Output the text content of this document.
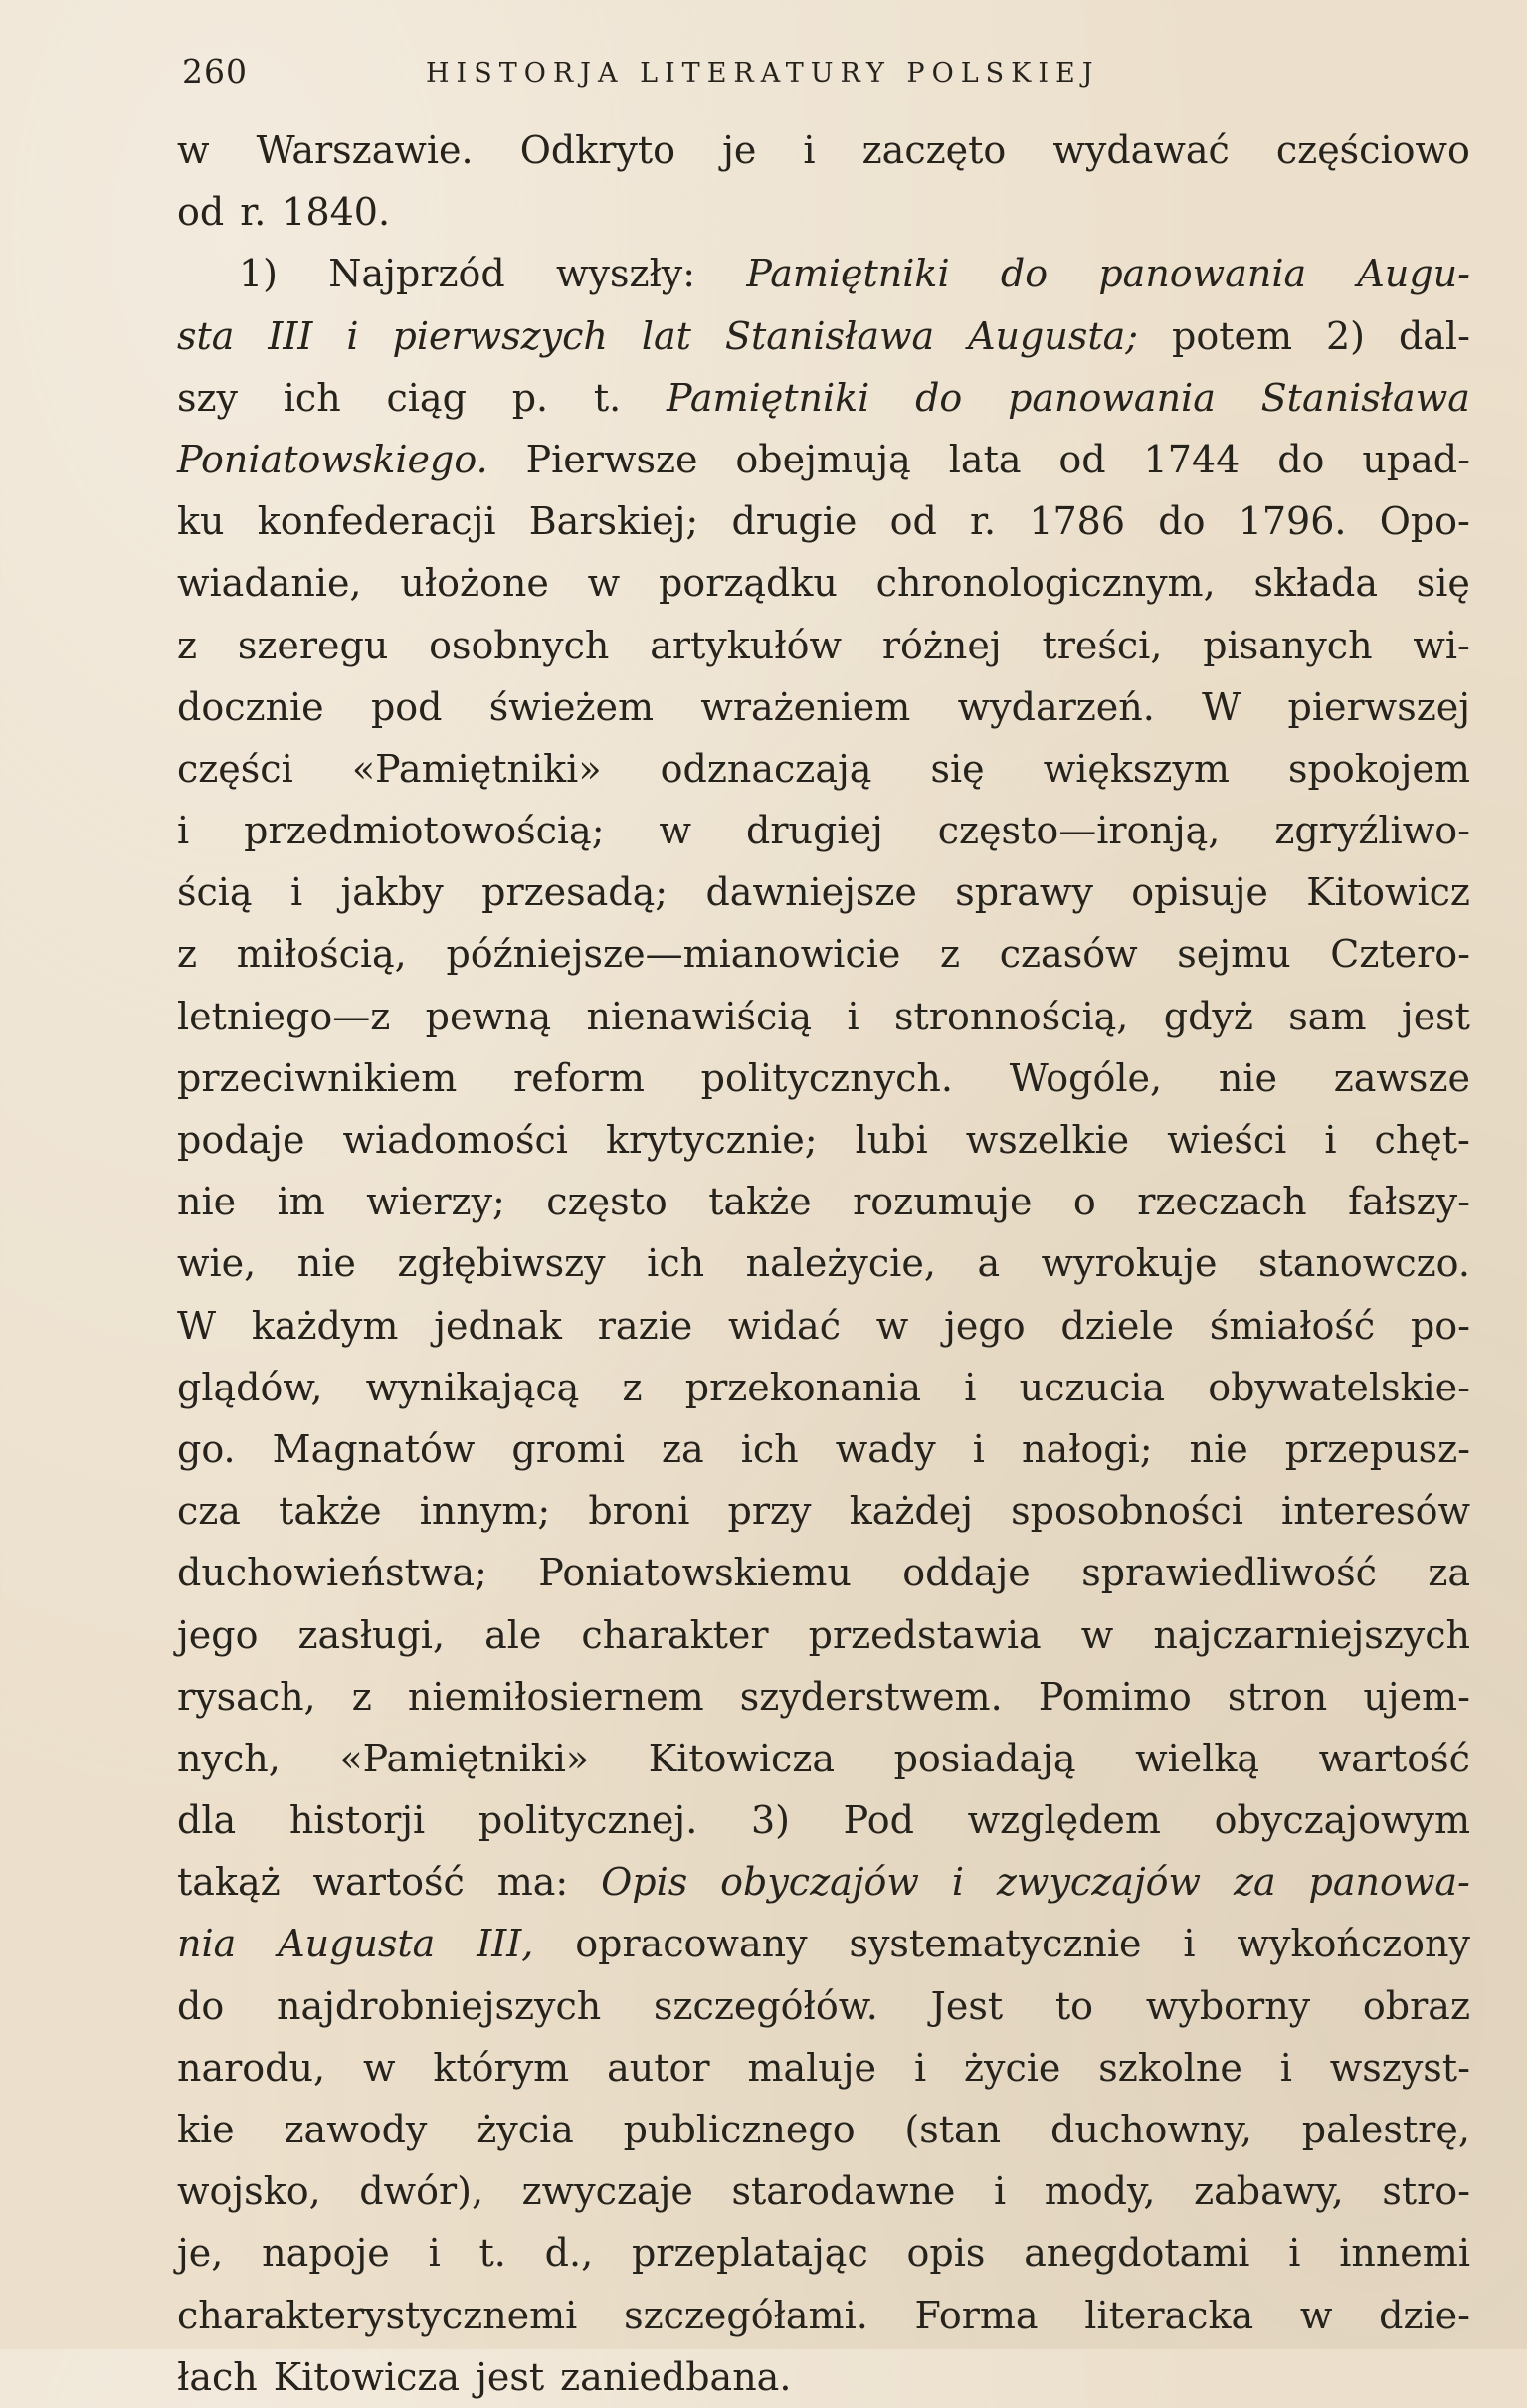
260	HISTORJA LITERATURY POLSKIEJ
w Warszawie. Odkryto je i zaczęto wydawać częściowo
od r. 1840.
1) Najprzód wyszły: Pamiętniki do panowania Augu-
sta III i pierwszych lat Stanisława Augusta; potem 2) dal-
szy ich ciąg p. t. Pamiętniki do panowania Stanisława
Poniatowskiego. Pierwsze obejmują lata od 1744 do upad-
ku konfederacji Barskiej; drugie od r. 1786 do 1796. Opo-
wiadanie, ułożone w porządku chronologicznym, składa się
z szeregu osobnych artykułów różnej treści, pisanych wi-
docznie pod świeżem wrażeniem wydarzeń. W pierwszej
części «Pamiętniki» odznaczają się większym spokojem
i przedmiotowością; w drugiej często—ironją, zgryźliwo-
ścią i jakby przesadą; dawniejsze sprawy opisuje Kitowicz
z miłością, późniejsze—mianowicie z czasów sejmu Cztero-
letniego—z pewną nienawiścią i stronnością, gdyż sam jest
przeciwnikiem reform politycznych. Wogóle, nie zawsze
podaje wiadomości krytycznie; lubi wszelkie wieści i chęt-
nie im wierzy; często także rozumuje o rzeczach fałszy-
wie, nie zgłębiwszy ich należycie, a wyrokuje stanowczo.
W każdym jednak razie widać w jego dziele śmiałość po-
glądów, wynikającą z przekonania i uczucia obywatelskie-
go. Magnatów gromi za ich wady i nałogi; nie przepusz-
cza także innym; broni przy każdej sposobności interesów
duchowieństwa; Poniatowskiemu oddaje sprawiedliwość za
jego zasługi, ale charakter przedstawia w najczarniejszych
rysach, z niemiłosiernem szyderstwem. Pomimo stron ujem-
nych, «Pamiętniki» Kitowicza posiadają wielką wartość
dla historji politycznej. 3) Pod względem obyczajowym
takąż wartość ma: Opis obyczajów i zwyczajów za panowa-
nia Augusta III, opracowany systematycznie i wykończony
do najdrobniejszych szczegółów. Jest to wyborny obraz
narodu, w którym autor maluje i życie szkolne i wszyst-
kie zawody życia publicznego (stan duchowny, palestrę,
wojsko, dwór), zwyczaje starodawne i mody, zabawy, stro-
je, napoje i t. d., przeplatając opis anegdotami i innemi
charakterystycznemi szczegółami. Forma literacka w dzie-
łach Kitowicza jest zaniedbana.
